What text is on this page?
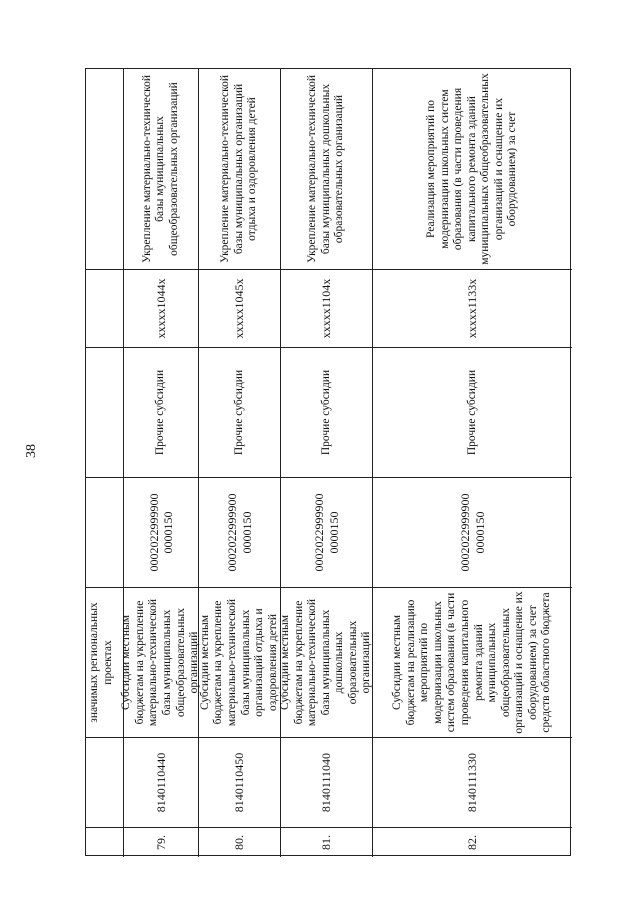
38
значимых региональных проектах
79.
8140110440
Субсидии местным бюджетам на укрепление материально-технической базы муниципальных общеобразовательных организаций
0002022999900 0000150
Прочие субсидии
xxxxx1044x
Укрепление материально-технической базы муниципальных общеобразовательных организаций
80.
8140110450
Субсидии местным бюджетам на укрепление материально-технической базы муниципальных организаций отдыха и оздоровления детей
0002022999900 0000150
Прочие субсидии
xxxxx1045x
Укрепление материально-технической базы муниципальных организаций отдыха и оздоровления детей
81.
8140111040
Субсидии местным бюджетам на укрепление материально-технической базы муниципальных дошкольных образовательных организаций
0002022999900 0000150
Прочие субсидии
xxxxx1104x
Укрепление материально-технической базы муниципальных дошкольных образовательных организаций
82.
8140111330
Субсидии местным бюджетам на реализацию мероприятий по модернизации школьных систем образования (в части проведения капитального ремонта зданий муниципальных общеобразовательных организаций и оснащение их оборудованием) за счет средств областного бюджета
0002022999900 0000150
Прочие субсидии
xxxxx1133x
Реализация мероприятий по модернизации школьных систем образования (в части проведения капитального ремонта зданий муниципальных общеобразовательных организаций и оснащение их оборудованием) за счет
